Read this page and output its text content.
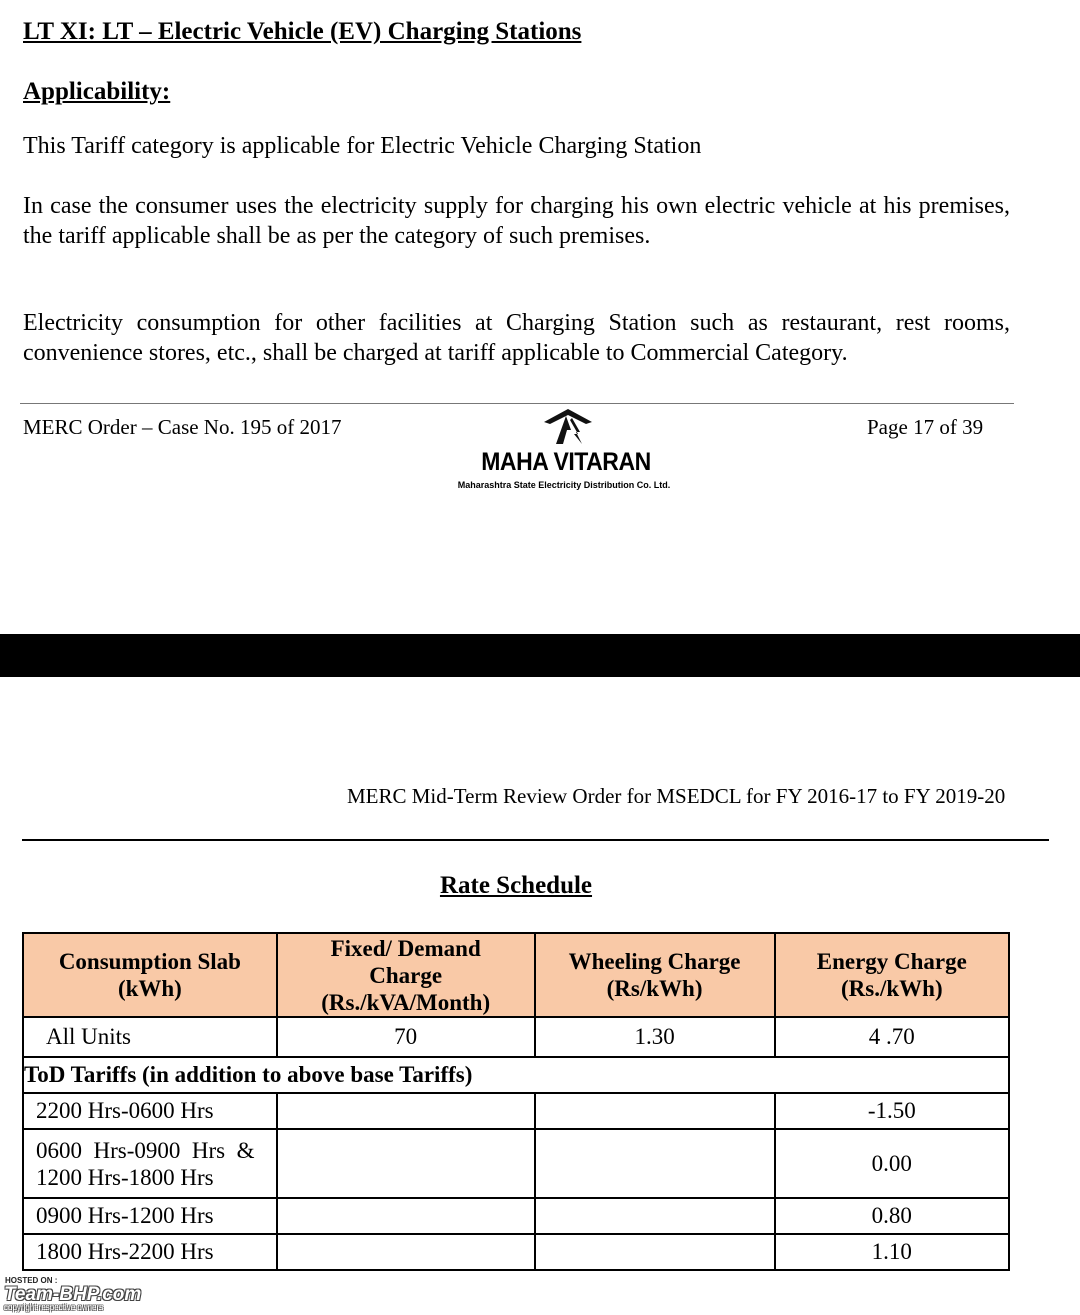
LT XI: LT – Electric Vehicle (EV) Charging Stations
Applicability:

This Tariff category is applicable for Electric Vehicle Charging Station

In case the consumer uses the electricity supply for charging his own electric vehicle at his premises, the tariff applicable shall be as per the category of such premises.

Electricity consumption for other facilities at Charging Station such as restaurant, rest rooms, convenience stores, etc., shall be charged at tariff applicable to Commercial Category.

MERC Order – Case No. 195 of 2017	Page 17 of 39
MAHA VITARAN
Maharashtra State Electricity Distribution Co. Ltd.
MERC Mid-Term Review Order for MSEDCL for FY 2016-17 to FY 2019-20
Rate Schedule
Consumption Slab (kWh)	Fixed/ Demand Charge (Rs./kVA/Month)	Wheeling Charge (Rs/kWh)	Energy Charge (Rs./kWh)
All Units	70	1.30	4 .70
ToD Tariffs (in addition to above base Tariffs)			
2200 Hrs-0600 Hrs			-1.50
0600  Hrs-0900  Hrs  &
1200 Hrs-1800 Hrs			0.00
0900 Hrs-1200 Hrs			0.80
1800 Hrs-2200 Hrs			1.10
HOSTED ON :
Team-BHP.com
copyright respective owners
